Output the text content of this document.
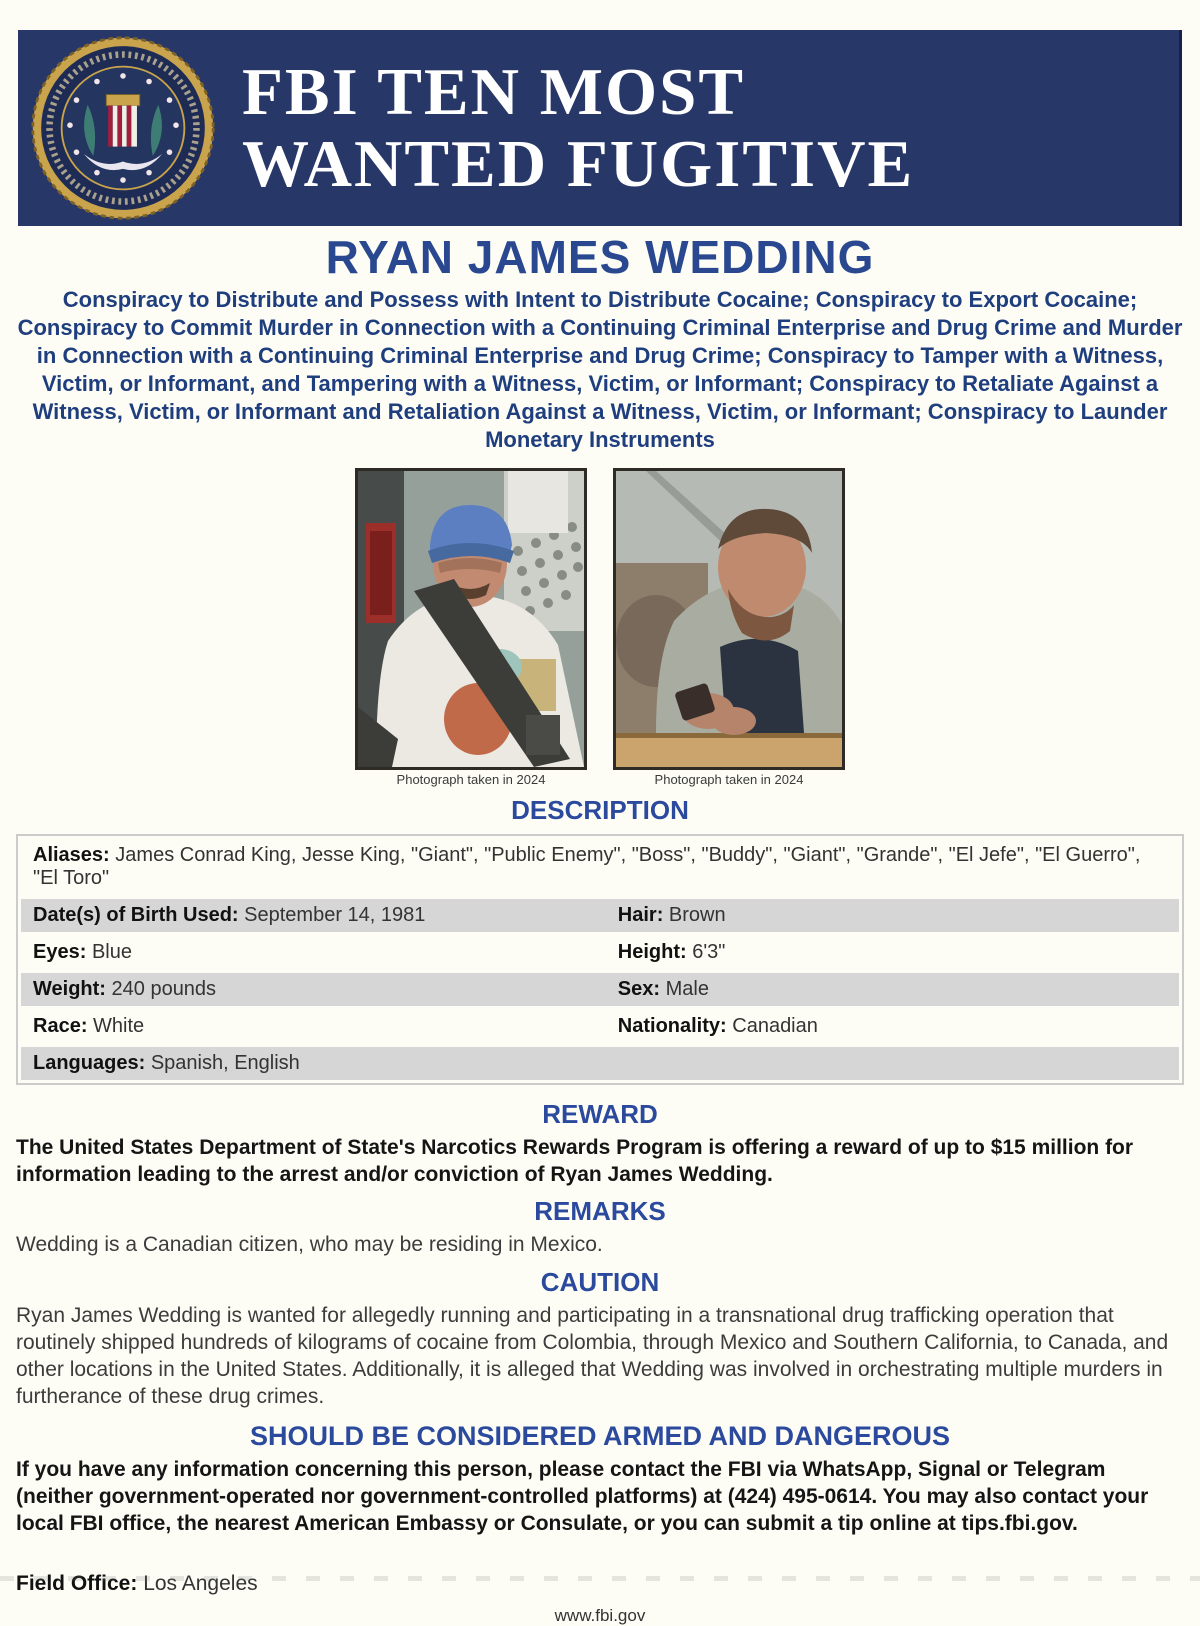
FBI TEN MOST
WANTED FUGITIVE
RYAN JAMES WEDDING
Conspiracy to Distribute and Possess with Intent to Distribute Cocaine; Conspiracy to Export Cocaine; Conspiracy to Commit Murder in Connection with a Continuing Criminal Enterprise and Drug Crime and Murder in Connection with a Continuing Criminal Enterprise and Drug Crime; Conspiracy to Tamper with a Witness, Victim, or Informant, and Tampering with a Witness, Victim, or Informant; Conspiracy to Retaliate Against a Witness, Victim, or Informant and Retaliation Against a Witness, Victim, or Informant; Conspiracy to Launder Monetary Instruments
Photograph taken in 2024	Photograph taken in 2024
DESCRIPTION
Aliases: James Conrad King, Jesse King, "Giant", "Public Enemy", "Boss", "Buddy", "Giant", "Grande", "El Jefe", "El Guerro", "El Toro"
Date(s) of Birth Used: September 14, 1981	Hair: Brown
Eyes: Blue	Height: 6'3"
Weight: 240 pounds	Sex: Male
Race: White	Nationality: Canadian
Languages: Spanish, English
REWARD
The United States Department of State's Narcotics Rewards Program is offering a reward of up to $15 million for information leading to the arrest and/or conviction of Ryan James Wedding.
REMARKS
Wedding is a Canadian citizen, who may be residing in Mexico.
CAUTION
Ryan James Wedding is wanted for allegedly running and participating in a transnational drug trafficking operation that routinely shipped hundreds of kilograms of cocaine from Colombia, through Mexico and Southern California, to Canada, and other locations in the United States. Additionally, it is alleged that Wedding was involved in orchestrating multiple murders in furtherance of these drug crimes.
SHOULD BE CONSIDERED ARMED AND DANGEROUS
If you have any information concerning this person, please contact the FBI via WhatsApp, Signal or Telegram (neither government-operated nor government-controlled platforms) at (424) 495-0614. You may also contact your local FBI office, the nearest American Embassy or Consulate, or you can submit a tip online at tips.fbi.gov.
Field Office: Los Angeles
www.fbi.gov
